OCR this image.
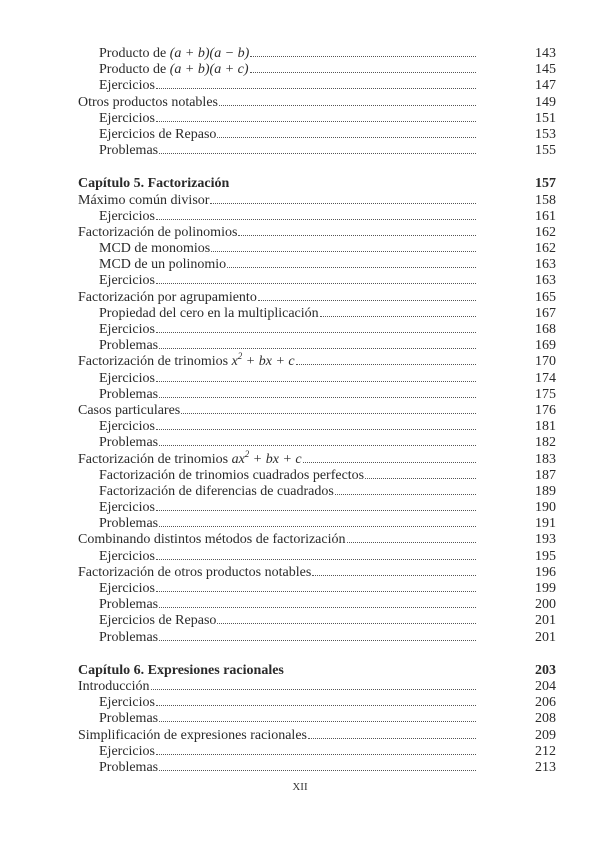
Producto de (a + b)(a − b)	143
Producto de (a + b)(a + c)	145
Ejercicios	147
Otros productos notables	149
Ejercicios	151
Ejercicios de Repaso	153
Problemas	155
Capítulo 5. Factorización	157
Máximo común divisor	158
Ejercicios	161
Factorización de polinomios	162
MCD de monomios	162
MCD de un polinomio	163
Ejercicios	163
Factorización por agrupamiento	165
Propiedad del cero en la multiplicación	167
Ejercicios	168
Problemas	169
Factorización de trinomios $x^2$ + bx + c	170
Ejercicios	174
Problemas	175
Casos particulares	176
Ejercicios	181
Problemas	182
Factorización de trinomios $ax^2$ + bx + c	183
Factorización de trinomios cuadrados perfectos	187
Factorización de diferencias de cuadrados	189
Ejercicios	190
Problemas	191
Combinando distintos métodos de factorización	193
Ejercicios	195
Factorización de otros productos notables	196
Ejercicios	199
Problemas	200
Ejercicios de Repaso	201
Problemas	201
Capítulo 6. Expresiones racionales	203
Introducción	204
Ejercicios	206
Problemas	208
Simplificación de expresiones racionales	209
Ejercicios	212
Problemas	213
XII
